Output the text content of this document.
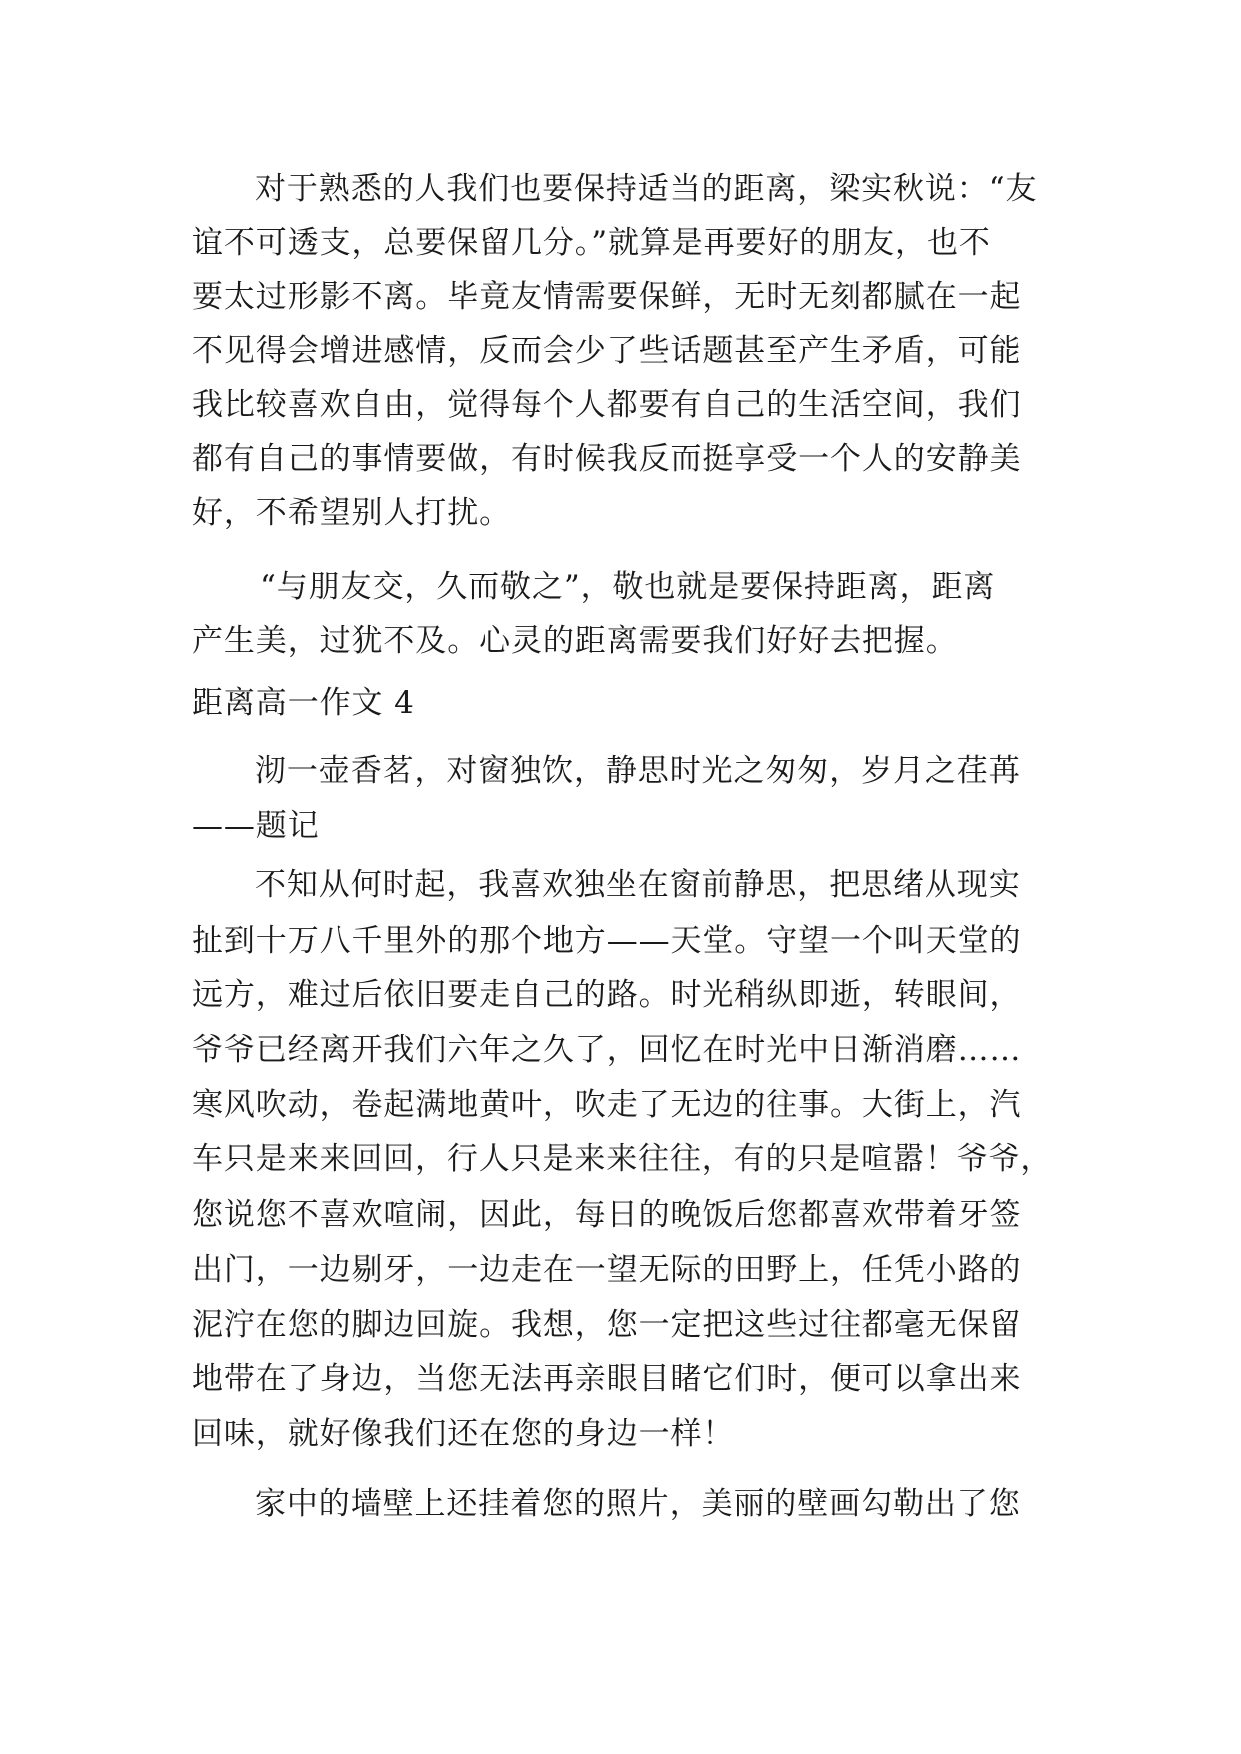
对于熟悉的人我们也要保持适当的距离，梁实秋说：“友
谊不可透支，总要保留几分。”就算是再要好的朋友，也不
要太过形影不离。毕竟友情需要保鲜，无时无刻都腻在一起
不见得会增进感情，反而会少了些话题甚至产生矛盾，可能
我比较喜欢自由，觉得每个人都要有自己的生活空间，我们
都有自己的事情要做，有时候我反而挺享受一个人的安静美
好，不希望别人打扰。
“与朋友交，久而敬之”，敬也就是要保持距离，距离
产生美，过犹不及。心灵的距离需要我们好好去把握。
距离高一作文 4
沏一壶香茗，对窗独饮，静思时光之匆匆，岁月之荏苒
——题记
不知从何时起，我喜欢独坐在窗前静思，把思绪从现实
扯到十万八千里外的那个地方——天堂。守望一个叫天堂的
远方，难过后依旧要走自己的路。时光稍纵即逝，转眼间，
爷爷已经离开我们六年之久了，回忆在时光中日渐消磨……
寒风吹动，卷起满地黄叶，吹走了无边的往事。大街上，汽
车只是来来回回，行人只是来来往往，有的只是喧嚣！爷爷，
您说您不喜欢喧闹，因此，每日的晚饭后您都喜欢带着牙签
出门，一边剔牙，一边走在一望无际的田野上，任凭小路的
泥泞在您的脚边回旋。我想，您一定把这些过往都毫无保留
地带在了身边，当您无法再亲眼目睹它们时，便可以拿出来
回味，就好像我们还在您的身边一样！
家中的墙壁上还挂着您的照片，美丽的壁画勾勒出了您
